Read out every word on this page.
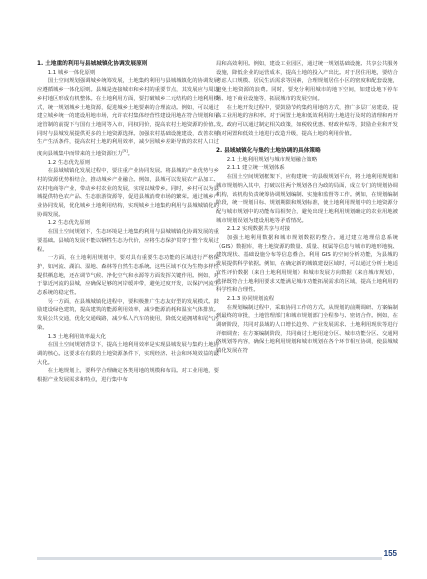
1. 土地重的利用与县城城镇化协调发展原则
1.1 城乡一体化原则

国土空间规划强调城乡统筹发展，土地集约利用与县城城镇化的协调发展应遵循城乡一体化原则。县城是连接城市和乡村的重要节点，其发展应与周边乡村地区形成有机整体。在土地利用方面，要打破城乡二元结构的土地利用模式，统一规划城乡土地资源，促进城乡土地要素的合理流动。例如，可以通过建立城乡统一的建设用地市场，允许农村集体经营性建设用地在符合规划和用途管制的前提下与国有土地同等入市，同权同价，提高农村土地资源的价值。同时与县城发展提供更多的土地资源选择。加强农村基础设施建设，改善农村生产生活条件，提高农村土地的利用效率，减少因城乡差距导致的农村人口过度向县城集中而带来的土地资源压力[5]。

1.2 生态优先原则

在县域城镇化发展过程中，要注重产业协同发展。将县城的产业优势与乡村的资源优势相结合，推动城乡产业融合。例如，县城可以发展农产品加工、农村电商等产业，带动乡村农业的发展，实现以城带乡。同时，乡村可以为县城提供特色农产品、生态旅游资源等，促进县城消费市场的繁荣。通过城乡产业协同发展，优化城乡土地利用结构，实现城乡土地集约利用与县城城镇化的协调发展。

1.2 生态优先原则

在国土空间规划下，生态环境是土地集约利用与县城城镇化协调发展的重要基础。县城的发展不能以牺牲生态为代价，应将生态保护贯穿于整个发展过程。

一方面，在土地利用规划中，要对具有重要生态功能的区域进行严格保护，如河流、湖泊、湿地、森林等自然生态系统。这些区域不仅为生物多样性提供栖息地，还在调节气候、净化空气和水源等方面发挥关键作用。例如，对于靠近河流的县城，应确保足够的河岸缓冲带，避免过度开发，以保护河流生态系统的稳定性。

另一方面，在县城城镇化进程中，要积极推广生态友好型的发展模式。鼓励建设绿色建筑，提高建筑的能源利用效率，减少能源消耗和温室气体排放。发展公共交通，优化交通线路，减少私人汽车的使用，降低交通拥堵和尾气污染。

1.3 土地利用效率最大化

在国土空间规划背景下，提高土地利用效率是实现县城发展与集约土地协调的核心。这要求在有限的土地资源条件下，实现经济、社会和环境效益的最大化。

在土地规划上，要科学合理确定各类用地的规模和布局。对工业用地，要根据产业发展需求和特点，进行集中布

局和高效利用。例如，建设工业园区，通过统一规划基础设施、共享公共服务设施，降低企业的运营成本，提高土地的投入产出比。对于居住用地，要结合考虑人口规模、居民生活需求等因素，合理规划居住小区的密度和配套设施，避免土地资源的浪费。同时，要充分利用城市的地下空间，如建设地下停车场、地下商业设施等，拓展城市的发展空间。

在土地开发过程中，要鼓励节约集约用地的方式，推广多层厂房建设，提高工业用地的容积率。对于闲置土地和低效利用的土地进行及时的清理和再开发。政府可以通过制定相关政策，如税收优惠、财政补贴等，鼓励企业和开发商对闲置和低效土地进行改造升级，提高土地的利用价值。

2. 县域城镇化与集约土地协调的具体策略
2.1 土地利用规划与城市规划融合策略
2.1.1 建立统一规划体系

在国土空间规划框架下，应构建统一的县级规划平台，将土地利用规划和城市规划纳入其中，打破以往两个规划各自为政的局面，成立专门的规划协调机构，该机构负责统筹协调规划编制、实施和监督等工作。例如，在规划编制阶段，统一规划目标、规划期限和规划标准，使土地利用规划中的土地资源分配与城市规划中的功能布局相契合，避免出现土地利用规划确定的农业用地被城市规划误划为建设用地等矛盾情况。

2.1.2 实现数据共享与对接

加强土地利用数据和城市规划数据的整合。通过建立地理信息系统（GIS）数据库，将土地资源的数量、质量、权属等信息与城市的地形地貌、建筑现状、基础设施分布等信息叠合。利用 GIS 的空间分析功能，为县城的发展提供科学依据。例如，在确定新的城镇建设区域时，可以通过分析土地适宜性评价数据（来自土地利用规划）和城市发展方向数据（来自城市规划），选择既符合土地利用要求又能满足城市功能拓展需求的区域，提高土地利用的科学性和合理性。

2.1.3 协同规划流程

在规划编制过程中，采取协同工作的方式。从规划的前期调研、方案编制到最终的审批，土地管理部门和城市规划部门全程参与、密切合作。例如，在调研阶段，共同对县域的人口增长趋势、产业发展需求、土地利用现状等进行详细调查；在方案编制阶段，共同商讨土地用途分区、城市功能分区、交通网络规划等内容，确保土地利用规划和城市规划在各个环节相互协调，使县城城镇化发展在符

155
